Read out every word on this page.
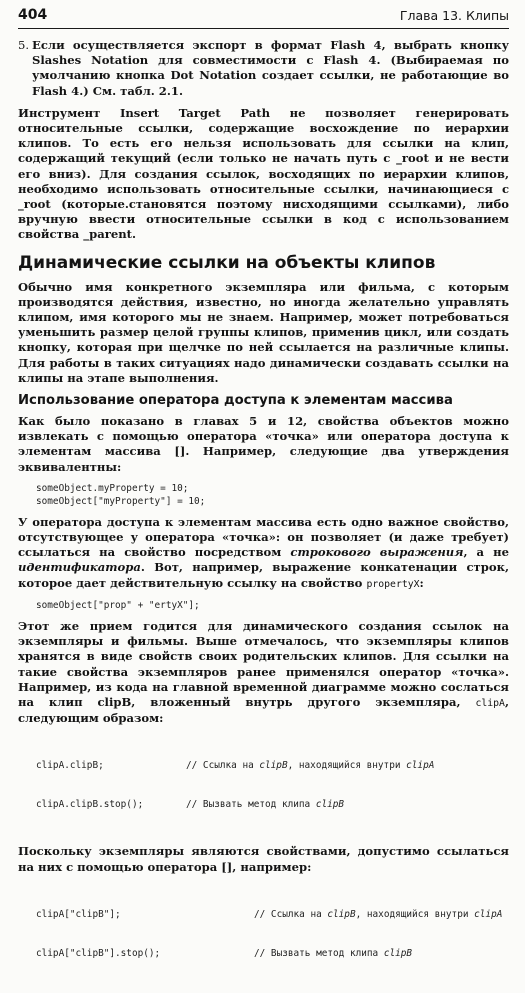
404	Глава 13. Клипы

5. Если осуществляется экспорт в формат Flash 4, выбрать кнопку Slashes Notation для совместимости с Flash 4. (Выбираемая по умолчанию кнопка Dot Notation создает ссылки, не работающие во Flash 4.) См. табл. 2.1.

Инструмент Insert Target Path не позволяет генерировать относительные ссылки, содержащие восхождение по иерархии клипов. То есть его нельзя использовать для ссылки на клип, содержащий текущий (если только не начать путь с _root и не вести его вниз). Для создания ссылок, восходящих по иерархии клипов, необходимо использовать относительные ссылки, начинающиеся с _root (которые.становятся поэтому нисходящими ссылками), либо вручную ввести относительные ссылки в код с использованием свойства _parent.

Динамические ссылки на объекты клипов

Обычно имя конкретного экземпляра или фильма, с которым производятся действия, известно, но иногда желательно управлять клипом, имя которого мы не знаем. Например, может потребоваться уменьшить размер целой группы клипов, применив цикл, или создать кнопку, которая при щелчке по ней ссылается на различные клипы. Для работы в таких ситуациях надо динамически создавать ссылки на клипы на этапе выполнения.

Использование оператора доступа к элементам массива

Как было показано в главах 5 и 12, свойства объектов можно извлекать с помощью оператора «точка» или оператора доступа к элементам массива []. Например, следующие два утверждения эквивалентны:

someObject.myProperty = 10;
someObject["myProperty"] = 10;

У оператора доступа к элементам массива есть одно важное свойство, отсутствующее у оператора «точка»: он позволяет (и даже требует) ссылаться на свойство посредством строкового выражения, а не идентификатора. Вот, например, выражение конкатенации строк, которое дает действительную ссылку на свойство propertyX:

someObject["prop" + "ertyX"];

Этот же прием годится для динамического создания ссылок на экземпляры и фильмы. Выше отмечалось, что экземпляры клипов хранятся в виде свойств своих родительских клипов. Для ссылки на такие свойства экземпляров ранее применялся оператор «точка». Например, из кода на главной временной диаграмме можно сослаться на клип clipB, вложенный внутрь другого экземпляра, clipA, следующим образом:

clipA.clipB;	// Ссылка на clipB, находящийся внутри clipA

clipA.clipB.stop();	// Вызвать метод клипа clipB

Поскольку экземпляры являются свойствами, допустимо ссылаться на них с помощью оператора [], например:

clipA["clipB"];	// Ссылка на clipB, находящийся внутри clipA

clipA["clipB"].stop();	// Вызвать метод клипа clipB
